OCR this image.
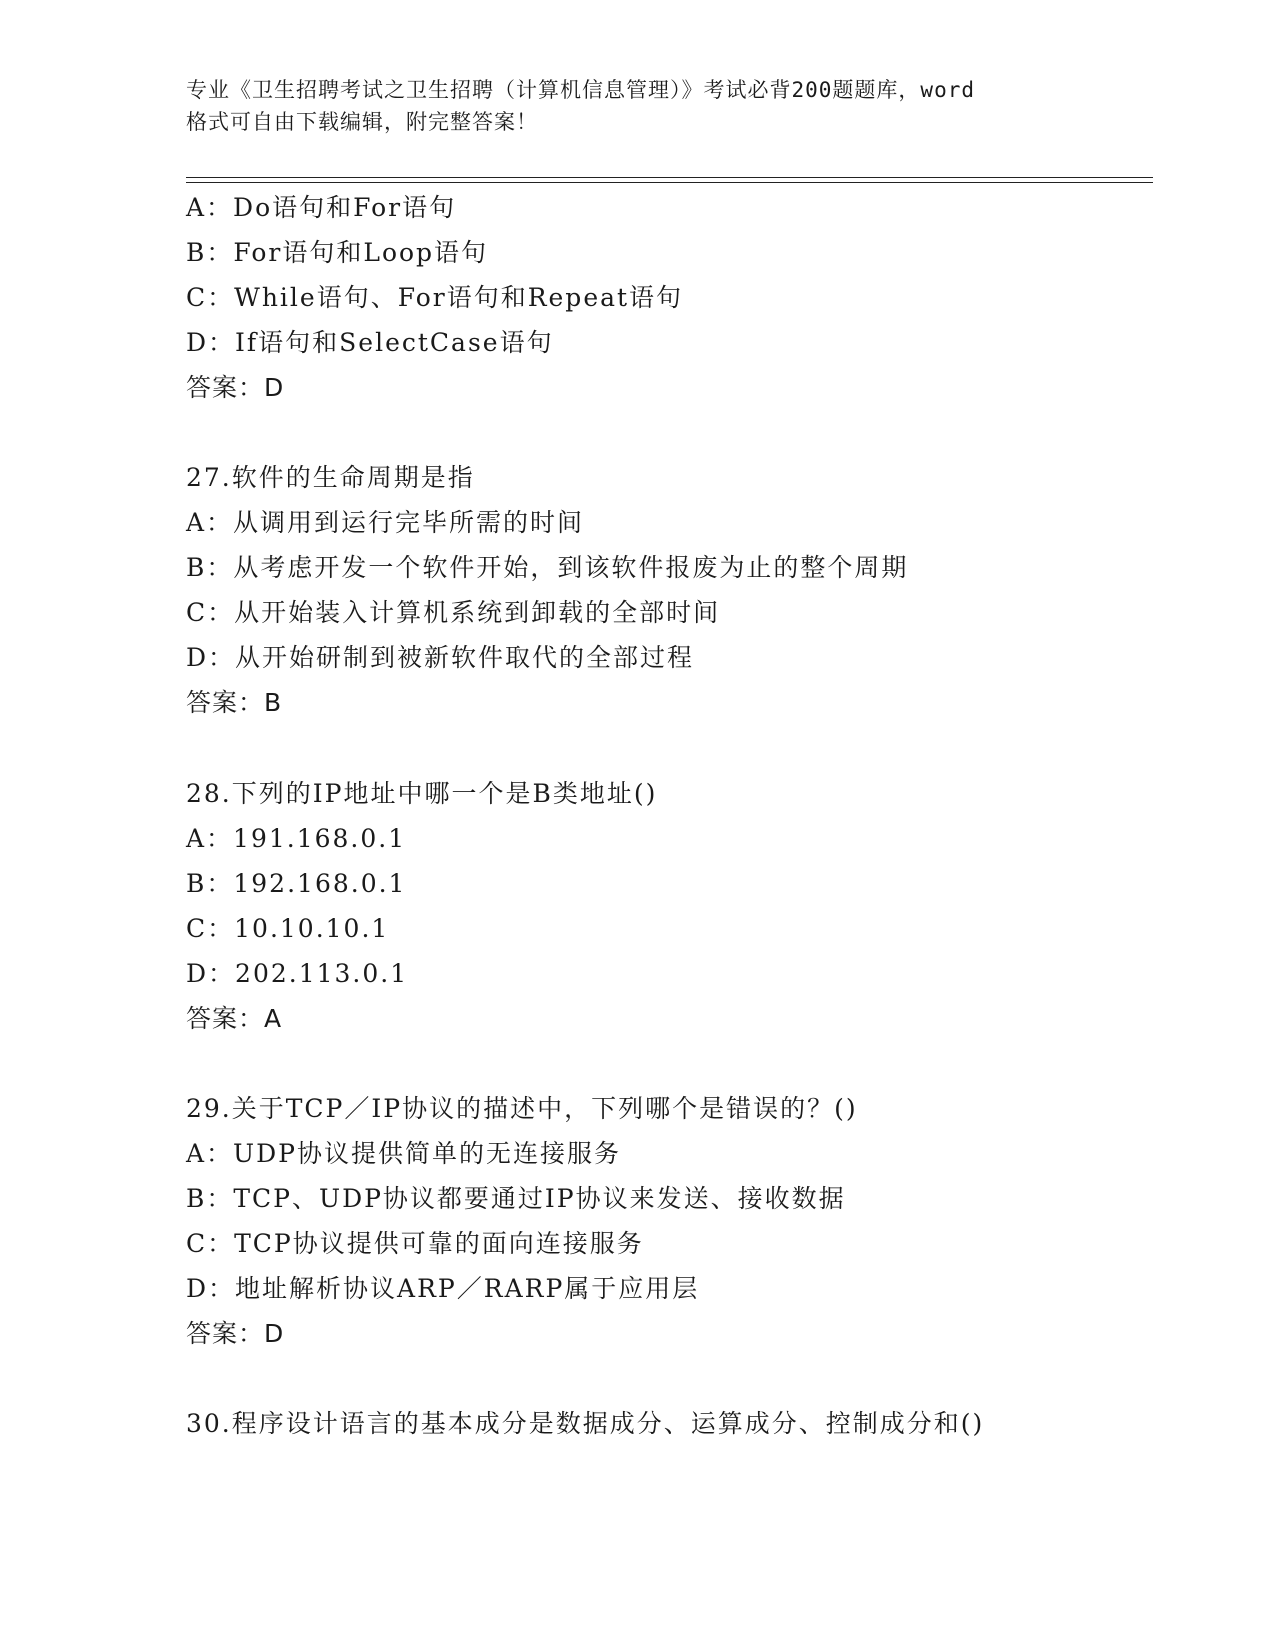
专业《卫生招聘考试之卫生招聘（计算机信息管理）》考试必背200题题库，word
格式可自由下载编辑，附完整答案！
A：Do语句和For语句
B：For语句和Loop语句
C：While语句、For语句和Repeat语句
D：If语句和SelectCase语句
答案：D
27.软件的生命周期是指
A：从调用到运行完毕所需的时间
B：从考虑开发一个软件开始，到该软件报废为止的整个周期
C：从开始装入计算机系统到卸载的全部时间
D：从开始研制到被新软件取代的全部过程
答案：B
28.下列的IP地址中哪一个是B类地址()
A：191.168.0.1
B：192.168.0.1
C：10.10.10.1
D：202.113.0.1
答案：A
29.关于TCP／IP协议的描述中，下列哪个是错误的？()
A：UDP协议提供简单的无连接服务
B：TCP、UDP协议都要通过IP协议来发送、接收数据
C：TCP协议提供可靠的面向连接服务
D：地址解析协议ARP／RARP属于应用层
答案：D
30.程序设计语言的基本成分是数据成分、运算成分、控制成分和()
